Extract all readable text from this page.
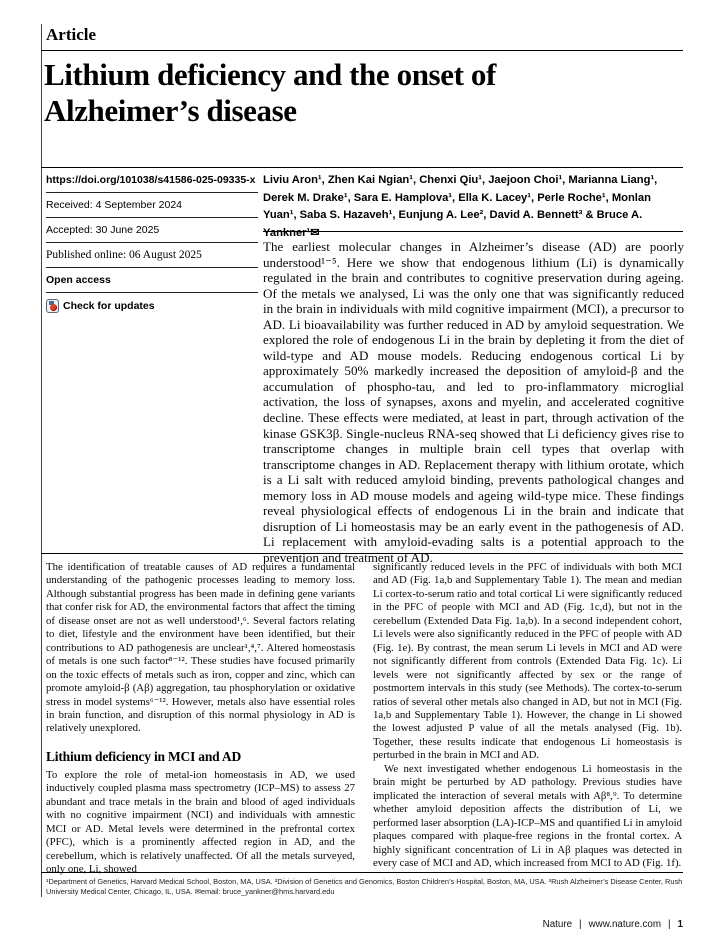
Article
Lithium deficiency and the onset of Alzheimer’s disease
https://doi.org/101038/s41586-025-09335-x
Received: 4 September 2024
Accepted: 30 June 2025
Published online: 06 August 2025
Open access
Check for updates

Liviu Aron¹, Zhen Kai Ngian¹, Chenxi Qiu¹, Jaejoon Choi¹, Marianna Liang¹, Derek M. Drake¹, Sara E. Hamplova¹, Ella K. Lacey¹, Perle Roche¹, Monlan Yuan¹, Saba S. Hazaveh¹, Eunjung A. Lee², David A. Bennett³ & Bruce A. Yankner¹✉

The earliest molecular changes in Alzheimer’s disease (AD) are poorly understood¹⁻⁵. Here we show that endogenous lithium (Li) is dynamically regulated in the brain and contributes to cognitive preservation during ageing. Of the metals we analysed, Li was the only one that was significantly reduced in the brain in individuals with mild cognitive impairment (MCI), a precursor to AD. Li bioavailability was further reduced in AD by amyloid sequestration. We explored the role of endogenous Li in the brain by depleting it from the diet of wild-type and AD mouse models. Reducing endogenous cortical Li by approximately 50% markedly increased the deposition of amyloid-β and the accumulation of phospho-tau, and led to pro-inflammatory microglial activation, the loss of synapses, axons and myelin, and accelerated cognitive decline. These effects were mediated, at least in part, through activation of the kinase GSK3β. Single-nucleus RNA-seq showed that Li deficiency gives rise to transcriptome changes in multiple brain cell types that overlap with transcriptome changes in AD. Replacement therapy with lithium orotate, which is a Li salt with reduced amyloid binding, prevents pathological changes and memory loss in AD mouse models and ageing wild-type mice. These findings reveal physiological effects of endogenous Li in the brain and indicate that disruption of Li homeostasis may be an early event in the pathogenesis of AD. Li replacement with amyloid-evading salts is a potential approach to the prevention and treatment of AD.

The identification of treatable causes of AD requires a fundamental understanding of the pathogenic processes leading to memory loss. Although substantial progress has been made in defining gene variants that confer risk for AD, the environmental factors that affect the timing of disease onset are not as well understood¹,⁶. Several factors relating to diet, lifestyle and the environment have been identified, but their contributions to AD pathogenesis are unclear¹,⁴,⁷. Altered homeostasis of metals is one such factor⁸⁻¹². These studies have focused primarily on the toxic effects of metals such as iron, copper and zinc, which can promote amyloid-β (Aβ) aggregation, tau phosphorylation or oxidative stress in model systems⁶⁻¹². However, metals also have essential roles in brain function, and disruption of this normal physiology in AD is relatively unexplored.

Lithium deficiency in MCI and AD

To explore the role of metal-ion homeostasis in AD, we used inductively coupled plasma mass spectrometry (ICP–MS) to assess 27 abundant and trace metals in the brain and blood of aged individuals with no cognitive impairment (NCI) and individuals with amnestic MCI or AD. Metal levels were determined in the prefrontal cortex (PFC), which is a prominently affected region in AD, and the cerebellum, which is relatively unaffected. Of all the metals surveyed, only one, Li, showed

significantly reduced levels in the PFC of individuals with both MCI and AD (Fig. 1a,b and Supplementary Table 1). The mean and median Li cortex-to-serum ratio and total cortical Li were significantly reduced in the PFC of people with MCI and AD (Fig. 1c,d), but not in the cerebellum (Extended Data Fig. 1a,b). In a second independent cohort, Li levels were also significantly reduced in the PFC of people with AD (Fig. 1e). By contrast, the mean serum Li levels in MCI and AD were not significantly different from controls (Extended Data Fig. 1c). Li levels were not significantly affected by sex or the range of postmortem intervals in this study (see Methods). The cortex-to-serum ratios of several other metals also changed in AD, but not in MCI (Fig. 1a,b and Supplementary Table 1). However, the change in Li showed the lowest adjusted P value of all the metals analysed (Fig. 1b). Together, these results indicate that endogenous Li homeostasis is perturbed in the brain in MCI and AD.

We next investigated whether endogenous Li homeostasis in the brain might be perturbed by AD pathology. Previous studies have implicated the interaction of several metals with Aβ⁸,⁹. To determine whether amyloid deposition affects the distribution of Li, we performed laser absorption (LA)-ICP–MS and quantified Li in amyloid plaques compared with plaque-free regions in the frontal cortex. A highly significant concentration of Li in Aβ plaques was detected in every case of MCI and AD, which increased from MCI to AD (Fig. 1f).

¹Department of Genetics, Harvard Medical School, Boston, MA, USA. ²Division of Genetics and Genomics, Boston Children’s Hospital, Boston, MA, USA. ³Rush Alzheimer’s Disease Center, Rush University Medical Center, Chicago, IL, USA. ✉email: bruce_yankner@hms.harvard.edu

Nature | www.nature.com | 1
